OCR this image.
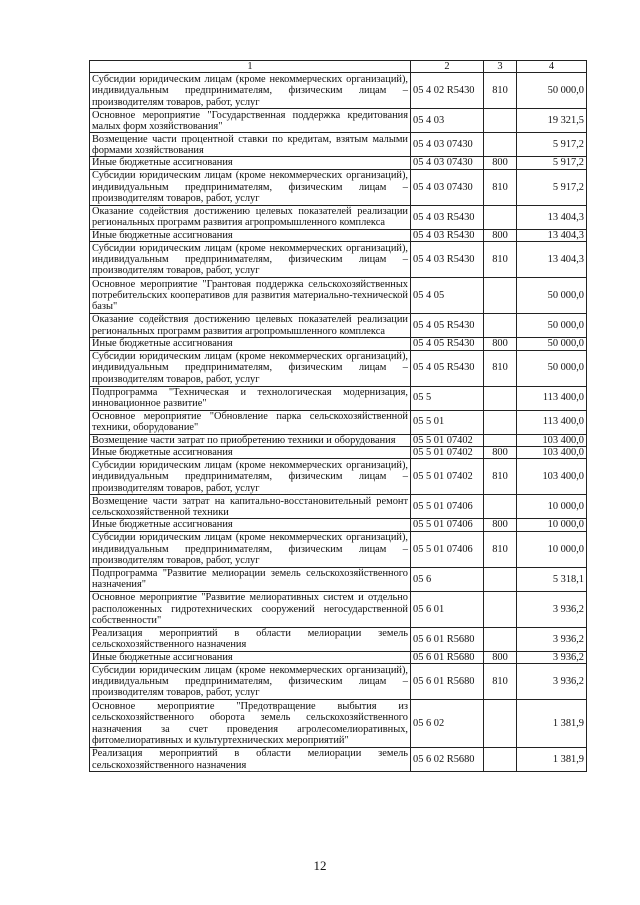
1	2	3	4
Субсидии юридическим лицам (кроме некоммерческих организаций), индивидуальным предпринимателям, физическим лицам – производителям товаров, работ, услуг	05 4 02 R5430	810	50 000,0
Основное мероприятие "Государственная поддержка кредитования малых форм хозяйствования"	05 4 03		19 321,5
Возмещение части процентной ставки по кредитам, взятым малыми формами хозяйствования	05 4 03 07430		5 917,2
Иные бюджетные ассигнования	05 4 03 07430	800	5 917,2
Субсидии юридическим лицам (кроме некоммерческих организаций), индивидуальным предпринимателям, физическим лицам – производителям товаров, работ, услуг	05 4 03 07430	810	5 917,2
Оказание содействия достижению целевых показателей реализации региональных программ развития агропромышленного комплекса	05 4 03 R5430		13 404,3
Иные бюджетные ассигнования	05 4 03 R5430	800	13 404,3
Субсидии юридическим лицам (кроме некоммерческих организаций), индивидуальным предпринимателям, физическим лицам – производителям товаров, работ, услуг	05 4 03 R5430	810	13 404,3
Основное мероприятие "Грантовая поддержка сельскохозяйственных потребительских кооперативов для развития материально-технической базы"	05 4 05		50 000,0
Оказание содействия достижению целевых показателей реализации региональных программ развития агропромышленного комплекса	05 4 05 R5430		50 000,0
Иные бюджетные ассигнования	05 4 05 R5430	800	50 000,0
Субсидии юридическим лицам (кроме некоммерческих организаций), индивидуальным предпринимателям, физическим лицам – производителям товаров, работ, услуг	05 4 05 R5430	810	50 000,0
Подпрограмма "Техническая и технологическая модернизация, инновационное развитие"	05 5		113 400,0
Основное мероприятие "Обновление парка сельскохозяйственной техники, оборудование"	05 5 01		113 400,0
Возмещение части затрат по приобретению техники и оборудования	05 5 01 07402		103 400,0
Иные бюджетные ассигнования	05 5 01 07402	800	103 400,0
Субсидии юридическим лицам (кроме некоммерческих организаций), индивидуальным предпринимателям, физическим лицам – производителям товаров, работ, услуг	05 5 01 07402	810	103 400,0
Возмещение части затрат на капитально-восстановительный ремонт сельскохозяйственной техники	05 5 01 07406		10 000,0
Иные бюджетные ассигнования	05 5 01 07406	800	10 000,0
Субсидии юридическим лицам (кроме некоммерческих организаций), индивидуальным предпринимателям, физическим лицам – производителям товаров, работ, услуг	05 5 01 07406	810	10 000,0
Подпрограмма "Развитие мелиорации земель сельскохозяйственного назначения"	05 6		5 318,1
Основное мероприятие "Развитие мелиоративных систем и отдельно расположенных гидротехнических сооружений негосударственной собственности"	05 6 01		3 936,2
Реализация мероприятий в области мелиорации земель сельскохозяйственного назначения	05 6 01 R5680		3 936,2
Иные бюджетные ассигнования	05 6 01 R5680	800	3 936,2
Субсидии юридическим лицам (кроме некоммерческих организаций), индивидуальным предпринимателям, физическим лицам – производителям товаров, работ, услуг	05 6 01 R5680	810	3 936,2
Основное мероприятие "Предотвращение выбытия из сельскохозяйственного оборота земель сельскохозяйственного назначения за счет проведения агролесомелиоративных, фитомелиоративных и культуртехнических мероприятий"	05 6 02		1 381,9
Реализация мероприятий в области мелиорации земель сельскохозяйственного назначения	05 6 02 R5680		1 381,9
12
